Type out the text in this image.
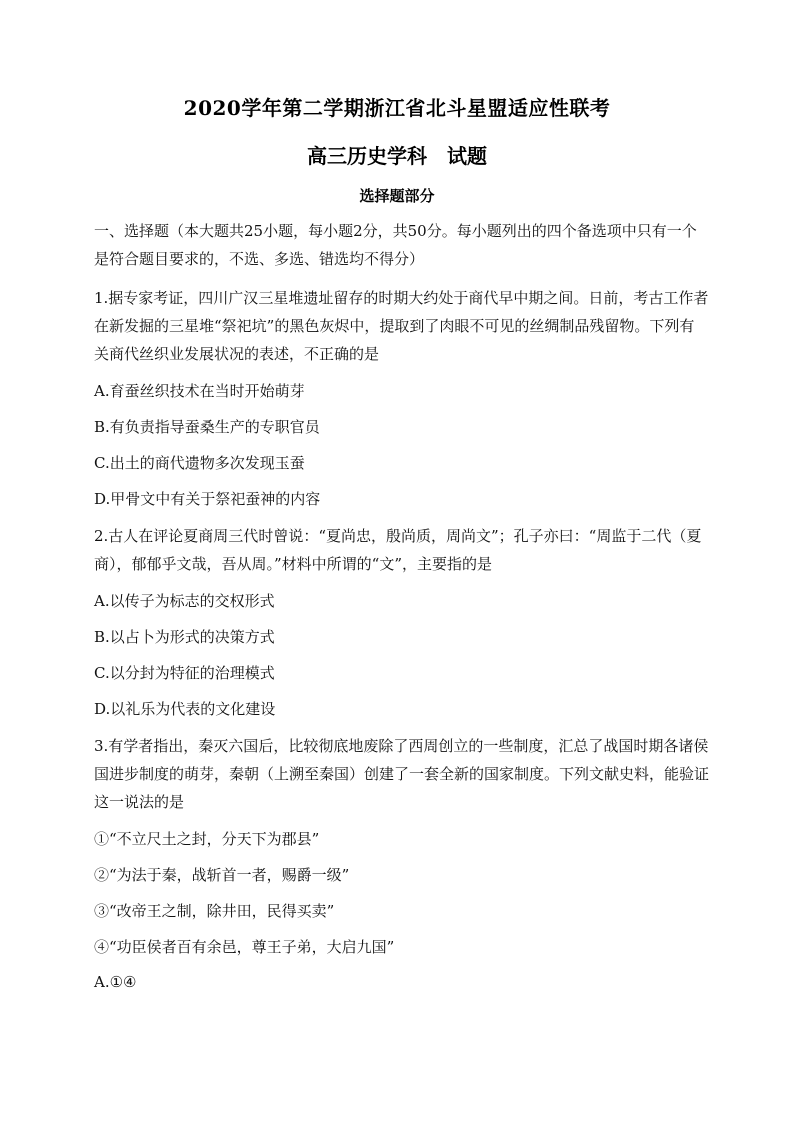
2020学年第二学期浙江省北斗星盟适应性联考
高三历史学科　试题
选择题部分
一、选择题（本大题共25小题，每小题2分，共50分。每小题列出的四个备选项中只有一个
是符合题目要求的，不选、多选、错选均不得分）
1.据专家考证，四川广汉三星堆遗址留存的时期大约处于商代早中期之间。日前，考古工作者
在新发掘的三星堆“祭祀坑”的黑色灰烬中，提取到了肉眼不可见的丝绸制品残留物。下列有
关商代丝织业发展状况的表述，不正确的是
A.育蚕丝织技术在当时开始萌芽
B.有负责指导蚕桑生产的专职官员
C.出土的商代遗物多次发现玉蚕
D.甲骨文中有关于祭祀蚕神的内容
2.古人在评论夏商周三代时曾说：“夏尚忠，殷尚质，周尚文”；孔子亦曰：“周监于二代（夏
商），郁郁乎文哉，吾从周。”材料中所谓的“文”，主要指的是
A.以传子为标志的交权形式
B.以占卜为形式的决策方式
C.以分封为特征的治理模式
D.以礼乐为代表的文化建设
3.有学者指出，秦灭六国后，比较彻底地废除了西周创立的一些制度，汇总了战国时期各诸侯
国进步制度的萌芽，秦朝（上溯至秦国）创建了一套全新的国家制度。下列文献史料，能验证
这一说法的是
①“不立尺土之封，分天下为郡县”
②“为法于秦，战斩首一者，赐爵一级”
③“改帝王之制，除井田，民得买卖”
④“功臣侯者百有余邑，尊王子弟，大启九国”
A.①④
